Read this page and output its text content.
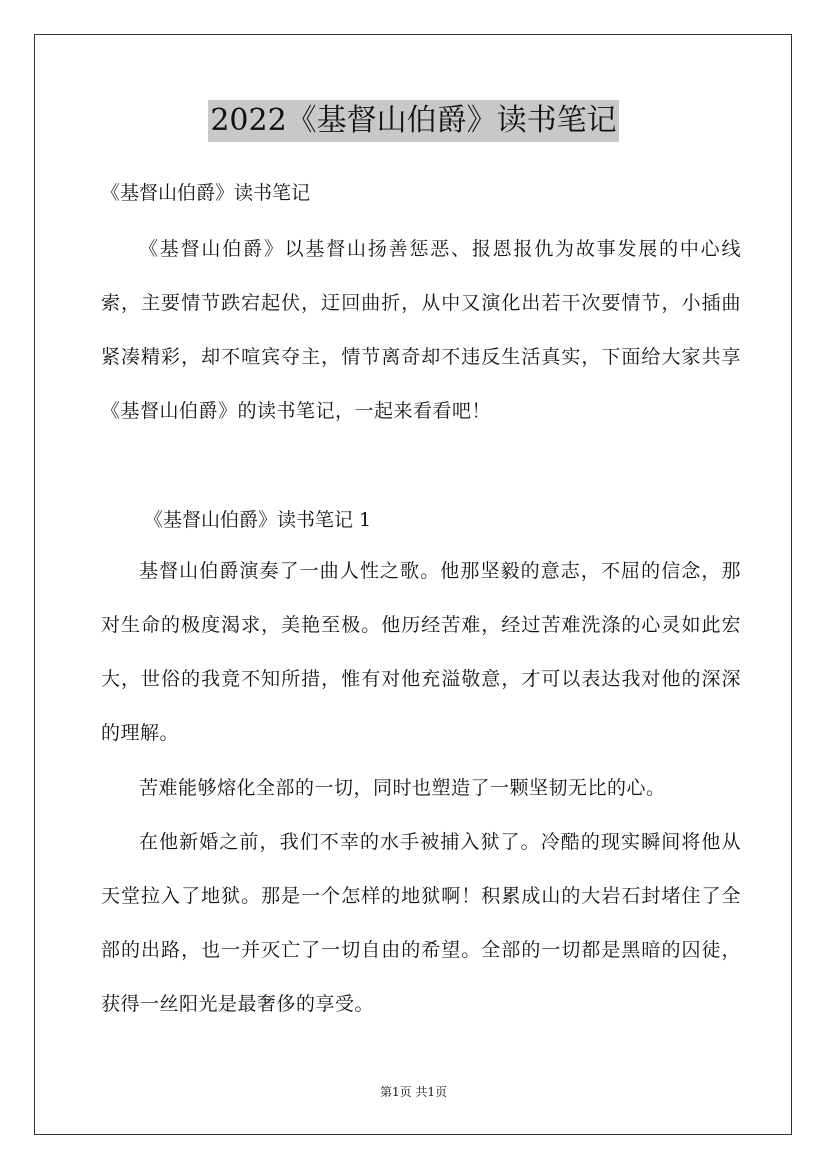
2022《基督山伯爵》读书笔记
《基督山伯爵》读书笔记

《基督山伯爵》以基督山扬善惩恶、报恩报仇为故事发展的中心线索，主要情节跌宕起伏，迂回曲折，从中又演化出若干次要情节，小插曲紧凑精彩，却不喧宾夺主，情节离奇却不违反生活真实，下面给大家共享《基督山伯爵》的读书笔记，一起来看看吧！

《基督山伯爵》读书笔记 1

基督山伯爵演奏了一曲人性之歌。他那坚毅的意志，不屈的信念，那对生命的极度渴求，美艳至极。他历经苦难，经过苦难洗涤的心灵如此宏大，世俗的我竟不知所措，惟有对他充溢敬意，才可以表达我对他的深深的理解。

苦难能够熔化全部的一切，同时也塑造了一颗坚韧无比的心。

在他新婚之前，我们不幸的水手被捕入狱了。冷酷的现实瞬间将他从天堂拉入了地狱。那是一个怎样的地狱啊！积累成山的大岩石封堵住了全部的出路，也一并灭亡了一切自由的希望。全部的一切都是黑暗的囚徒，获得一丝阳光是最奢侈的享受。

第1页 共1页
